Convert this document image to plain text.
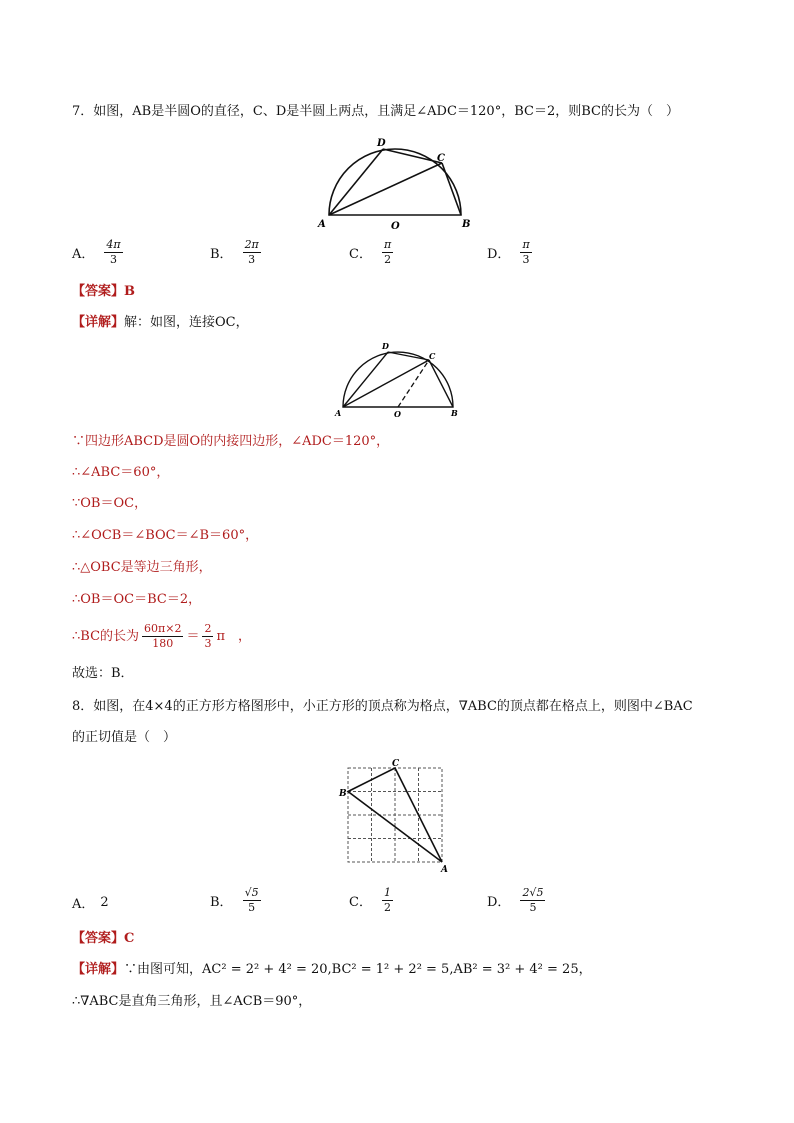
7．如图，AB是半圆O的直径，C、D是半圆上两点，且满足∠ADC＝120°，BC＝2，则BC的长为（　）
A	B
C
D
O
A． $\frac{4\pi}{3}$	B． $\frac{2\pi}{3}$	C． $\frac{\pi}{2}$	D． $\frac{\pi}{3}$
【答案】B
【详解】解：如图，连接OC，
A	B
C
D
O
∵四边形ABCD是圆O的内接四边形，∠ADC＝120°，
∴∠ABC＝60°，
∵OB＝OC，
∴∠OCB＝∠BOC＝∠B＝60°，
∴△OBC是等边三角形，
∴OB＝OC＝BC＝2，
∴BC的长为 60π×2
180 ＝ 2
3 π　，
故选：B．
8．如图，在4×4的正方形方格图形中，小正方形的顶点称为格点，∇ABC的顶点都在格点上，则图中∠BAC
的正切值是（　）
B
C
A
A． 2	B． $\frac{√5}{5}$	C． $\frac{1}{2}$	D． $\frac{2√5}{5}$
【答案】C
【详解】∵由图可知，AC² = 2² + 4² = 20,BC² = 1² + 2² = 5,AB² = 3² + 4² = 25，
∴∇ABC是直角三角形，且∠ACB＝90°，
